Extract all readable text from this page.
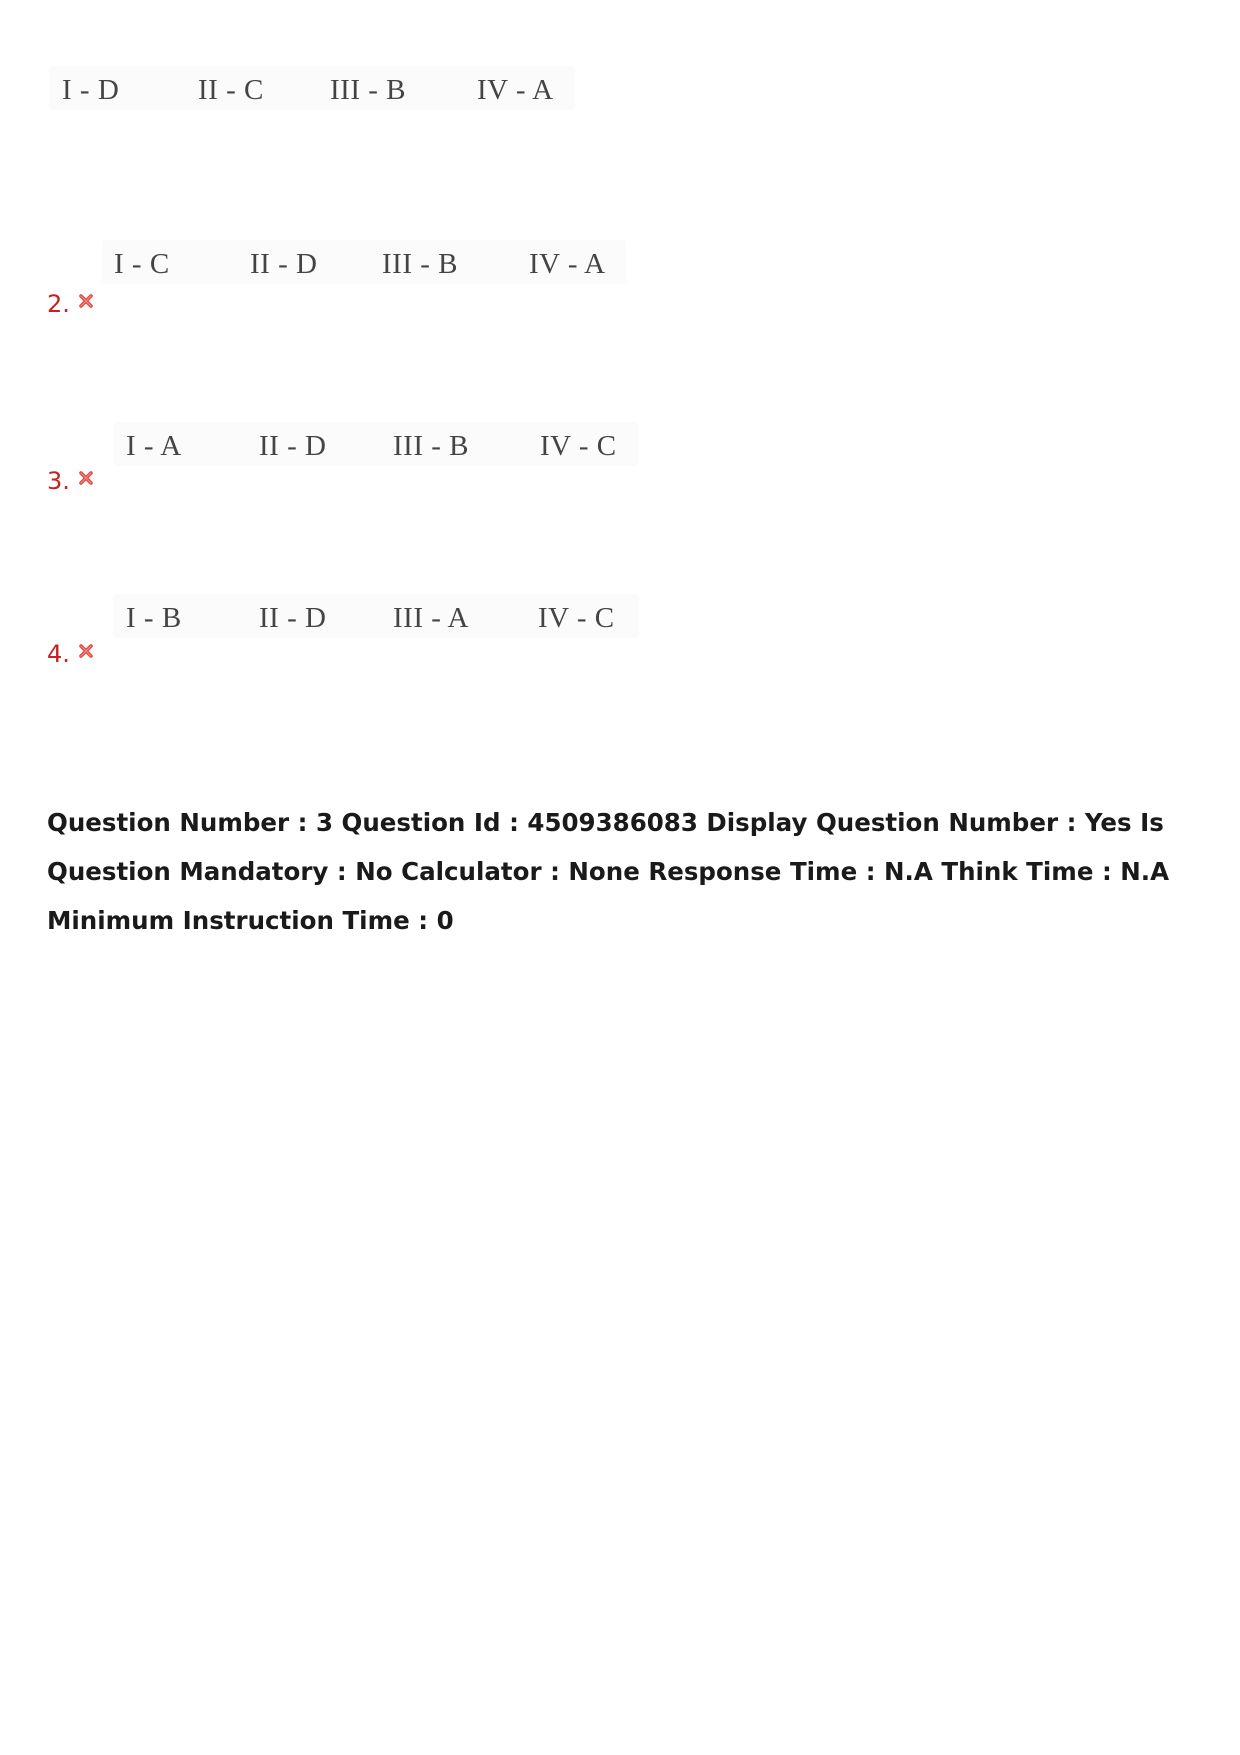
I - D	II - C III - B IV - A
I - C	II - D III - B IV - A
2.
I - A	II - D III - B IV - C
3.
I - B	II - D III - A IV - C
4.
Question Number : 3 Question Id : 4509386083 Display Question Number : Yes Is Question Mandatory : No Calculator : None Response Time : N.A Think Time : N.A Minimum Instruction Time : 0
